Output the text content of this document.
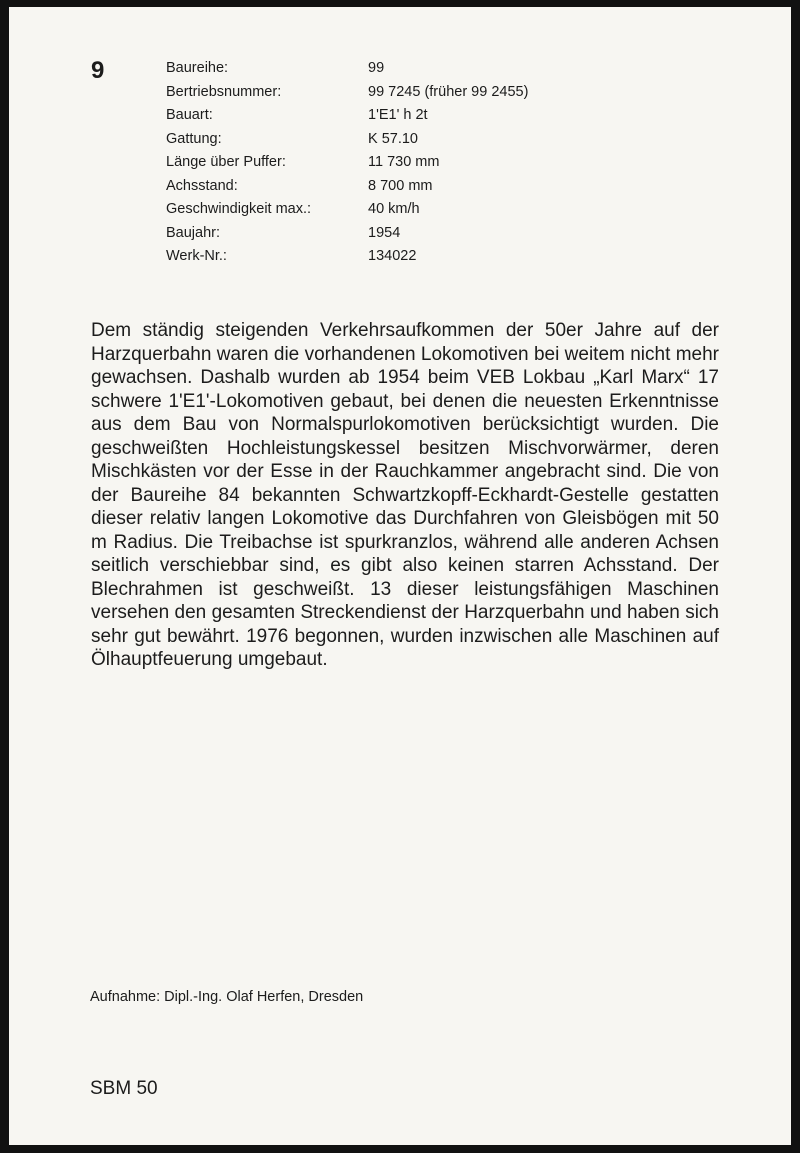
9	Baureihe:	99
Bertriebsnummer:	99 7245 (früher 99 2455)
Bauart:	1'E1' h 2t
Gattung:	K 57.10
Länge über Puffer:	11 730 mm
Achsstand:	8 700 mm
Geschwindigkeit max.:	40 km/h
Baujahr:	1954
Werk-Nr.:	134022

Dem ständig steigenden Verkehrsaufkommen der 50er Jahre auf der Harzquerbahn waren die vorhandenen Lokomotiven bei weitem nicht mehr gewachsen. Dashalb wurden ab 1954 beim VEB Lokbau „Karl Marx“ 17 schwere 1'E1'-Lokomotiven gebaut, bei denen die neuesten Erkenntnisse aus dem Bau von Normalspurlokomotiven berücksichtigt wurden. Die geschweißten Hochleistungskessel besitzen Mischvorwärmer, deren Mischkästen vor der Esse in der Rauchkammer angebracht sind. Die von der Baureihe 84 bekannten Schwartzkopff-Eckhardt-Gestelle gestatten dieser relativ langen Lokomotive das Durchfahren von Gleisbögen mit 50 m Radius. Die Treibachse ist spurkranzlos, während alle anderen Achsen seitlich verschiebbar sind, es gibt also keinen starren Achsstand. Der Blechrahmen ist geschweißt. 13 dieser leistungsfähigen Maschinen versehen den gesamten Streckendienst der Harzquerbahn und haben sich sehr gut bewährt. 1976 begonnen, wurden inzwischen alle Maschinen auf Ölhauptfeuerung umgebaut.

Aufnahme: Dipl.-Ing. Olaf Herfen, Dresden
SBM 50
